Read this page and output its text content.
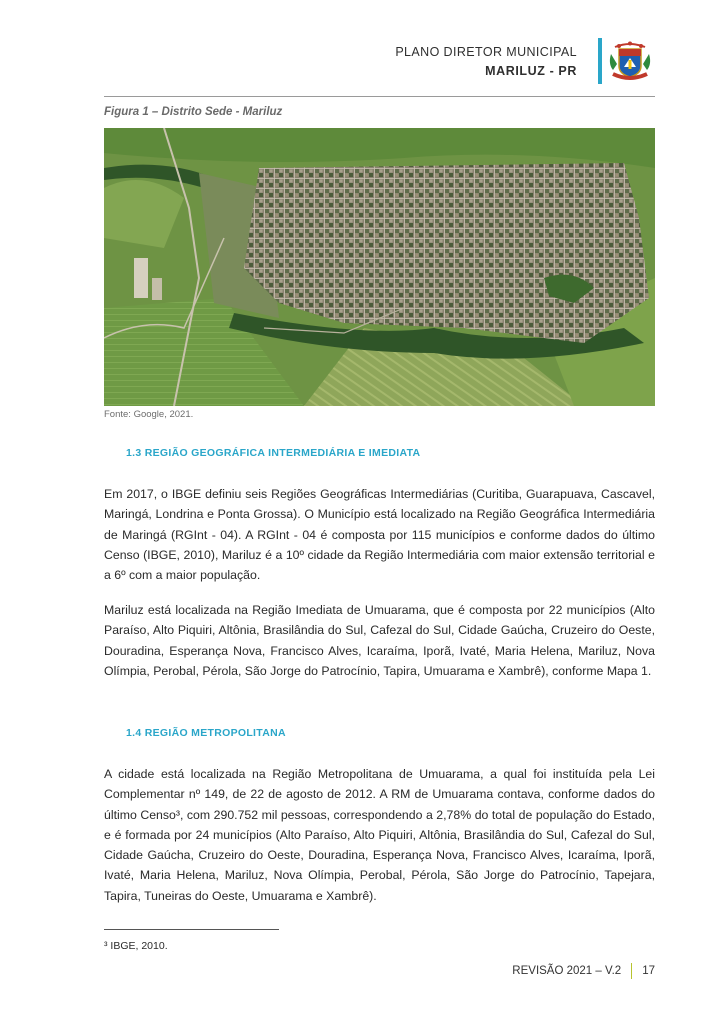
PLANO DIRETOR MUNICIPAL
MARILUZ - PR
Figura 1 – Distrito Sede - Mariluz
Fonte: Google, 2021.
1.3 REGIÃO GEOGRÁFICA INTERMEDIÁRIA E IMEDIATA

Em 2017, o IBGE definiu seis Regiões Geográficas Intermediárias (Curitiba, Guarapuava, Cascavel, Maringá, Londrina e Ponta Grossa). O Município está localizado na Região Geográfica Intermediária de Maringá (RGInt - 04). A RGInt - 04 é composta por 115 municípios e conforme dados do último Censo (IBGE, 2010), Mariluz é a 10º cidade da Região Intermediária com maior extensão territorial e a 6º com a maior população.

Mariluz está localizada na Região Imediata de Umuarama, que é composta por 22 municípios (Alto Paraíso, Alto Piquiri, Altônia, Brasilândia do Sul, Cafezal do Sul, Cidade Gaúcha, Cruzeiro do Oeste, Douradina, Esperança Nova, Francisco Alves, Icaraíma, Iporã, Ivaté, Maria Helena, Mariluz, Nova Olímpia, Perobal, Pérola, São Jorge do Patrocínio, Tapira, Umuarama e Xambrê), conforme Mapa 1.

1.4 REGIÃO METROPOLITANA

A cidade está localizada na Região Metropolitana de Umuarama, a qual foi instituída pela Lei Complementar nº 149, de 22 de agosto de 2012. A RM de Umuarama contava, conforme dados do último Censo³, com 290.752 mil pessoas, correspondendo a 2,78% do total de população do Estado, e é formada por 24 municípios (Alto Paraíso, Alto Piquiri, Altônia, Brasilândia do Sul, Cafezal do Sul, Cidade Gaúcha, Cruzeiro do Oeste, Douradina, Esperança Nova, Francisco Alves, Icaraíma, Iporã, Ivaté, Maria Helena, Mariluz, Nova Olímpia, Perobal, Pérola, São Jorge do Patrocínio, Tapejara, Tapira, Tuneiras do Oeste, Umuarama e Xambrê).

³ IBGE, 2010.
REVISÃO 2021 – V.2 17
